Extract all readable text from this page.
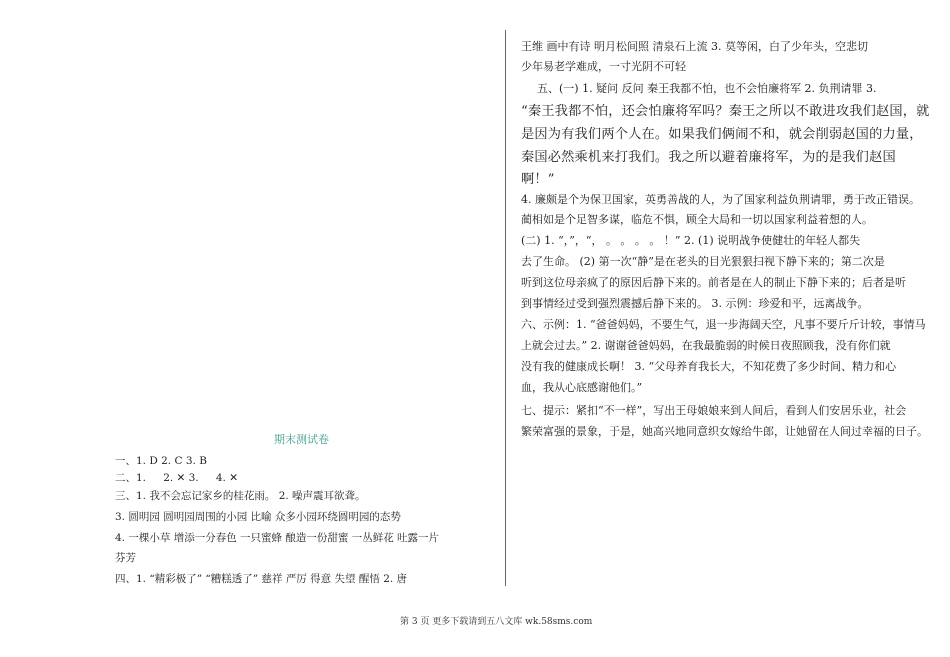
期末测试卷
一、1. D 2. C 3. B
二、1. 　 2. ✕ 3. 　 4. ✕
三、1. 我不会忘记家乡的桂花雨。 2. 噪声震耳欲聋。
3. 圆明园 圆明园周围的小园 比喻 众多小园环绕圆明园的态势
4. 一棵小草 增添一分春色 一只蜜蜂 酿造一份甜蜜 一丛鲜花 吐露一片
芬芳
四、1. “精彩极了” “糟糕透了” 慈祥 严厉 得意 失望 醒悟 2. 唐
王维 画中有诗 明月松间照 清泉石上流 3. 莫等闲，白了少年头，空悲切
少年易老学难成，一寸光阴不可轻
五、(一) 1. 疑问 反问 秦王我都不怕，也不会怕廉将军 2. 负荆请罪 3.
“秦王我都不怕，还会怕廉将军吗？秦王之所以不敢进攻我们赵国，就
是因为有我们两个人在。如果我们俩闹不和，就会削弱赵国的力量，
秦国必然乘机来打我们。我之所以避着廉将军，为的是我们赵国
啊！”
4. 廉颇是个为保卫国家，英勇善战的人，为了国家利益负荆请罪，勇于改正错误。
蔺相如是个足智多谋，临危不惧，顾全大局和一切以国家利益着想的人。
(二) 1. “，”，“， 。 。 。 。 ！” 2. (1) 说明战争使健壮的年轻人都失
去了生命。 (2) 第一次“静”是在老头的目光狠狠扫视下静下来的；第二次是
听到这位母亲疯了的原因后静下来的。前者是在人的制止下静下来的；后者是听
到事情经过受到强烈震撼后静下来的。 3. 示例：珍爱和平，远离战争。
六、示例：1. “爸爸妈妈，不要生气，退一步海阔天空，凡事不要斤斤计较，事情马
上就会过去。” 2. 谢谢爸爸妈妈，在我最脆弱的时候日夜照顾我，没有你们就
没有我的健康成长啊！ 3. “父母养育我长大，不知花费了多少时间、精力和心
血，我从心底感谢他们。”
七、提示：紧扣“不一样”，写出王母娘娘来到人间后，看到人们安居乐业，社会
繁荣富强的景象，于是，她高兴地同意织女嫁给牛郎，让她留在人间过幸福的日子。
第 3 页 更多下载请到五八文库 wk.58sms.com
